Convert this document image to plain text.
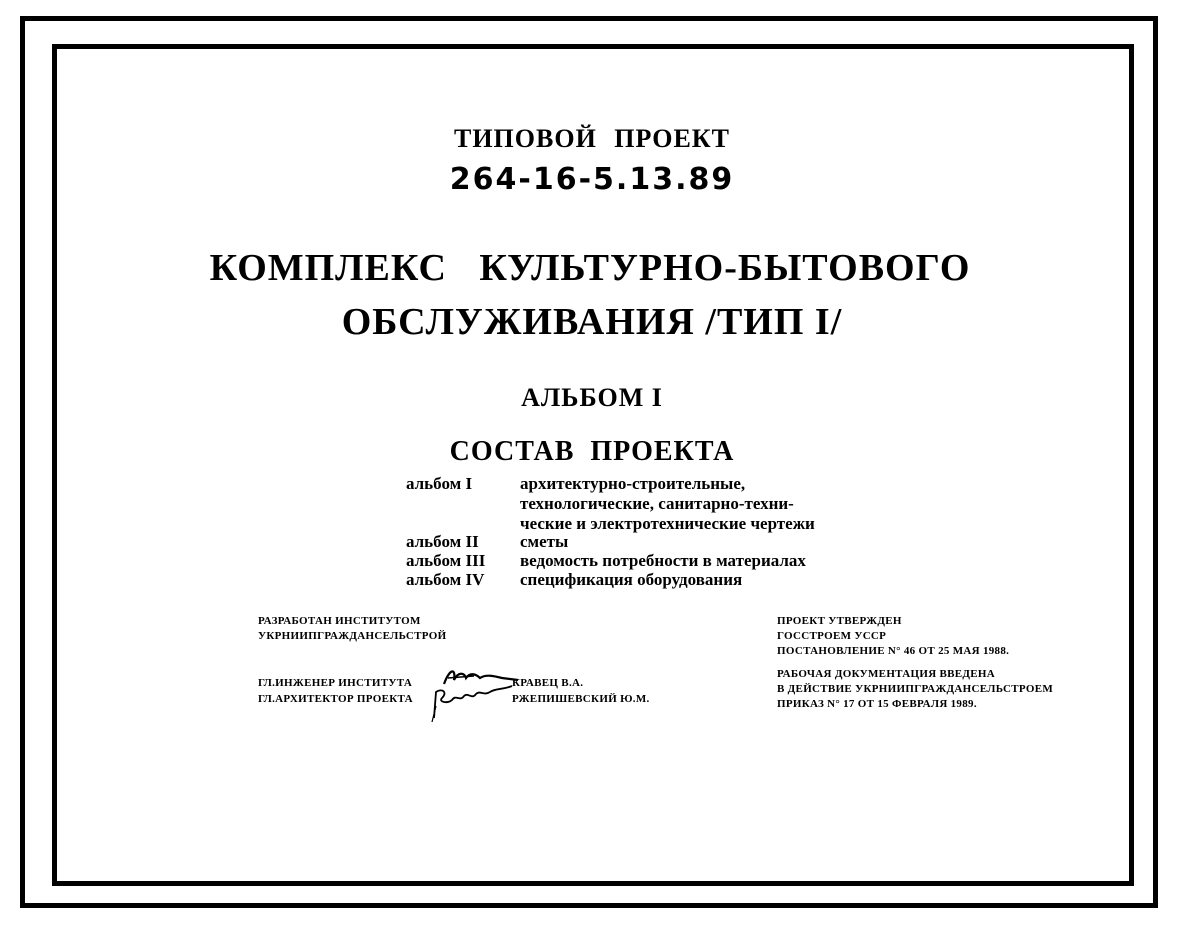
ТИПОВОЙ ПРОЕКТ
264-16-5.13.89
КОМПЛЕКС КУЛЬТУРНО-БЫТОВОГО
ОБСЛУЖИВАНИЯ /ТИП I/
АЛЬБОМ I
СОСТАВ ПРОЕКТА
альбом I	архитектурно-строительные,
технологические, санитарно-техни-
ческие и электротехнические чертежи
альбом II	сметы
альбом III	ведомость потребности в материалах
альбом IV	спецификация оборудования
РАЗРАБОТАН ИНСТИТУТОМ
УКРНИИПГРАЖДАНСЕЛЬСТРОЙ
ГЛ.ИНЖЕНЕР ИНСТИТУТА	КРАВЕЦ В.А.
ГЛ.АРХИТЕКТОР ПРОЕКТА	РЖЕПИШЕВСКИЙ Ю.М.
ПРОЕКТ УТВЕРЖДЕН
ГОССТРОЕМ УССР
ПОСТАНОВЛЕНИЕ N° 46 ОТ 25 МАЯ 1988.
РАБОЧАЯ ДОКУМЕНТАЦИЯ ВВЕДЕНА
В ДЕЙСТВИЕ УКРНИИПГРАЖДАНСЕЛЬСТРОЕМ
ПРИКАЗ N° 17 ОТ 15 ФЕВРАЛЯ 1989.
